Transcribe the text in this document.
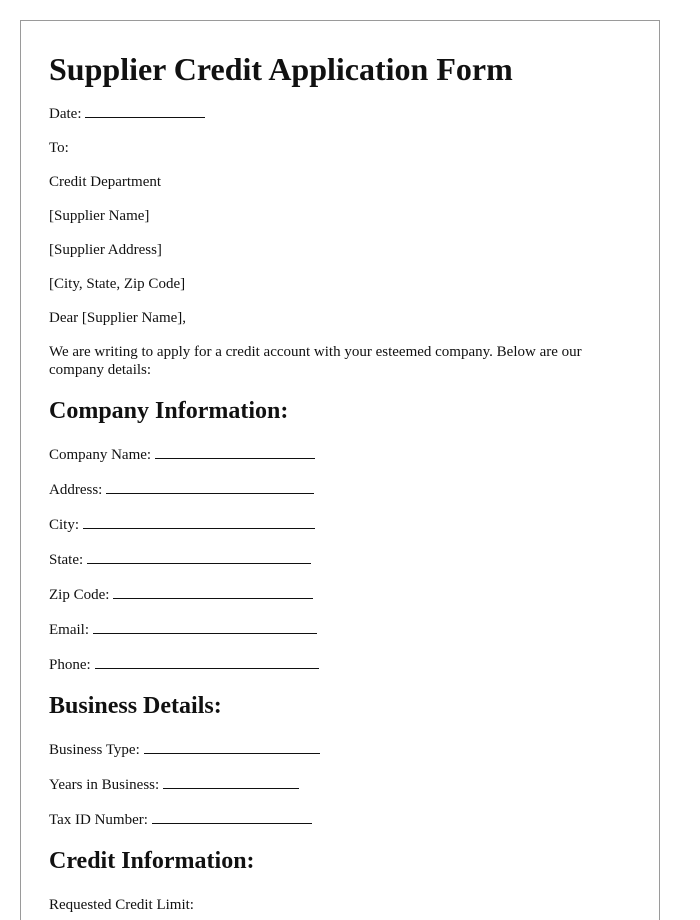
Supplier Credit Application Form
Date:

To:

Credit Department

[Supplier Name]

[Supplier Address]

[City, State, Zip Code]

Dear [Supplier Name],

We are writing to apply for a credit account with your esteemed company. Below are our company details:

Company Information:
Company Name:
Address:
City:
State:
Zip Code:
Email:
Phone:
Business Details:
Business Type:
Years in Business:
Tax ID Number:
Credit Information:
Requested Credit Limit:
